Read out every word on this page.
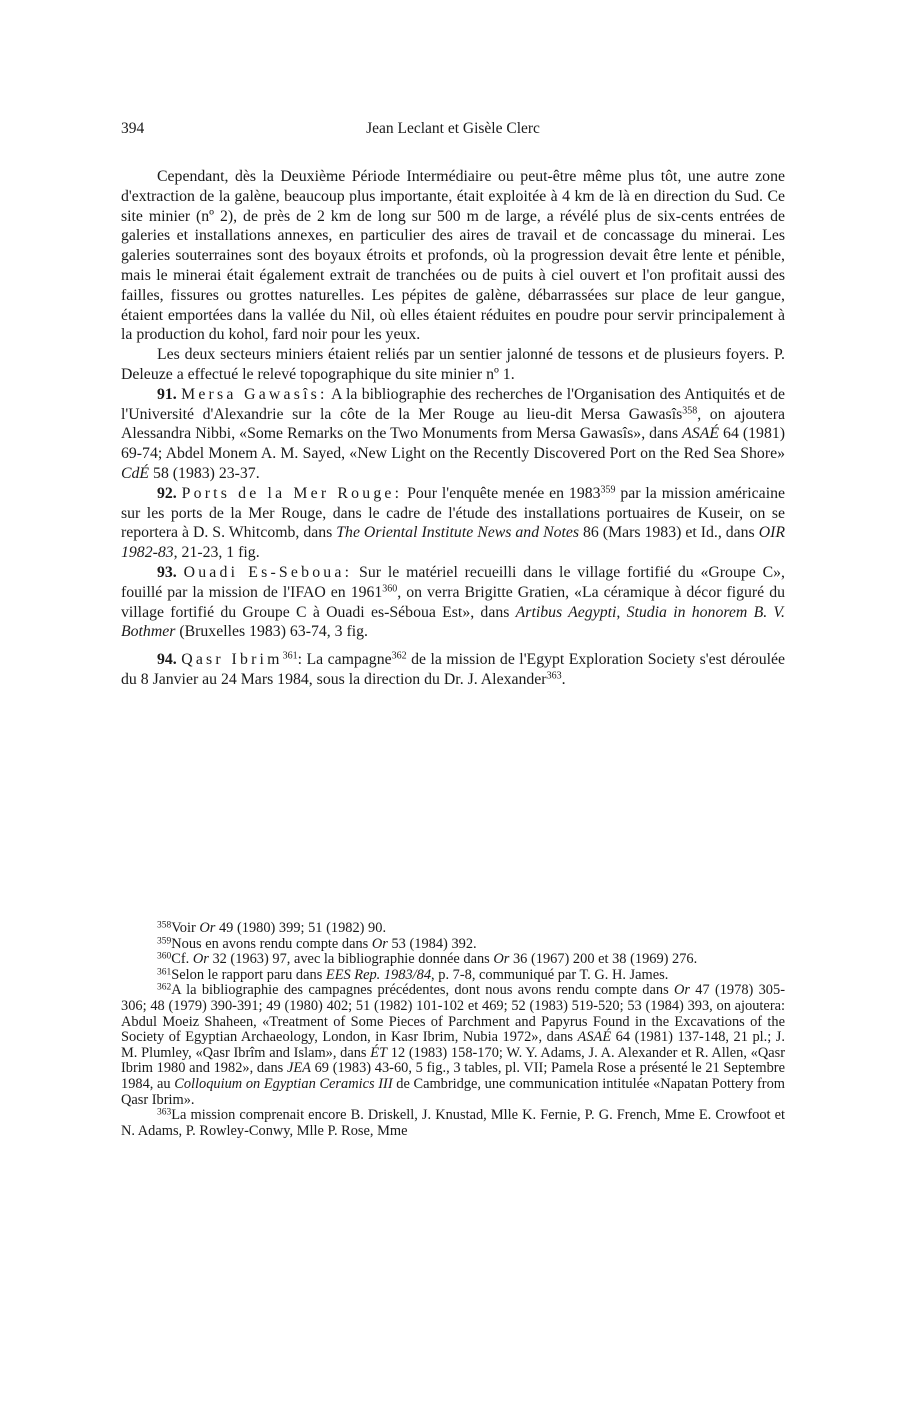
394	Jean Leclant et Gisèle Clerc

Cependant, dès la Deuxième Période Intermédiaire ou peut-être même plus tôt, une autre zone d'extraction de la galène, beaucoup plus importante, était exploitée à 4 km de là en direction du Sud. Ce site minier (nº 2), de près de 2 km de long sur 500 m de large, a révélé plus de six-cents entrées de galeries et installations annexes, en particulier des aires de travail et de concassage du minerai. Les galeries souterraines sont des boyaux étroits et profonds, où la progression devait être lente et pénible, mais le minerai était également extrait de tranchées ou de puits à ciel ouvert et l'on profitait aussi des failles, fissures ou grottes naturelles. Les pépites de galène, débarrassées sur place de leur gangue, étaient emportées dans la vallée du Nil, où elles étaient réduites en poudre pour servir principalement à la production du kohol, fard noir pour les yeux.

Les deux secteurs miniers étaient reliés par un sentier jalonné de tessons et de plusieurs foyers. P. Deleuze a effectué le relevé topographique du site minier nº 1.

91. Mersa Gawasîs: A la bibliographie des recherches de l'Organisation des Antiquités et de l'Université d'Alexandrie sur la côte de la Mer Rouge au lieu-dit Mersa Gawasîs$^{358}$, on ajoutera Alessandra Nibbi, «Some Remarks on the Two Monuments from Mersa Gawasîs», dans ASAÉ 64 (1981) 69-74; Abdel Monem A. M. Sayed, «New Light on the Recently Discovered Port on the Red Sea Shore» CdÉ 58 (1983) 23-37.

92. Ports de la Mer Rouge: Pour l'enquête menée en 1983$^{359}$ par la mission américaine sur les ports de la Mer Rouge, dans le cadre de l'étude des installations portuaires de Kuseir, on se reportera à D. S. Whitcomb, dans The Oriental Institute News and Notes 86 (Mars 1983) et Id., dans OIR 1982-83, 21-23, 1 fig.

93. Ouadi Es-Seboua: Sur le matériel recueilli dans le village fortifié du «Groupe C», fouillé par la mission de l'IFAO en 1961$^{360}$, on verra Brigitte Gratien, «La céramique à décor figuré du village fortifié du Groupe C à Ouadi es-Séboua Est», dans Artibus Aegypti, Studia in honorem B. V. Bothmer (Bruxelles 1983) 63-74, 3 fig.

94. Qasr Ibrim$^{361}$: La campagne$^{362}$ de la mission de l'Egypt Exploration Society s'est déroulée du 8 Janvier au 24 Mars 1984, sous la direction du Dr. J. Alexander$^{363}$.

$^{358}$Voir Or 49 (1980) 399; 51 (1982) 90.

$^{359}$Nous en avons rendu compte dans Or 53 (1984) 392.

$^{360}$Cf. Or 32 (1963) 97, avec la bibliographie donnée dans Or 36 (1967) 200 et 38 (1969) 276.

$^{361}$Selon le rapport paru dans EES Rep. 1983/84, p. 7-8, communiqué par T. G. H. James.

$^{362}$A la bibliographie des campagnes précédentes, dont nous avons rendu compte dans Or 47 (1978) 305-306; 48 (1979) 390-391; 49 (1980) 402; 51 (1982) 101-102 et 469; 52 (1983) 519-520; 53 (1984) 393, on ajoutera: Abdul Moeiz Shaheen, «Treatment of Some Pieces of Parchment and Papyrus Found in the Excavations of the Society of Egyptian Archaeology, London, in Kasr Ibrim, Nubia 1972», dans ASAÉ 64 (1981) 137-148, 21 pl.; J. M. Plumley, «Qasr Ibrîm and Islam», dans ÉT 12 (1983) 158-170; W. Y. Adams, J. A. Alexander et R. Allen, «Qasr Ibrim 1980 and 1982», dans JEA 69 (1983) 43-60, 5 fig., 3 tables, pl. VII; Pamela Rose a présenté le 21 Septembre 1984, au Colloquium on Egyptian Ceramics III de Cambridge, une communication intitulée «Napatan Pottery from Qasr Ibrim».

$^{363}$La mission comprenait encore B. Driskell, J. Knustad, Mlle K. Fernie, P. G. French, Mme E. Crowfoot et N. Adams, P. Rowley-Conwy, Mlle P. Rose, Mme
